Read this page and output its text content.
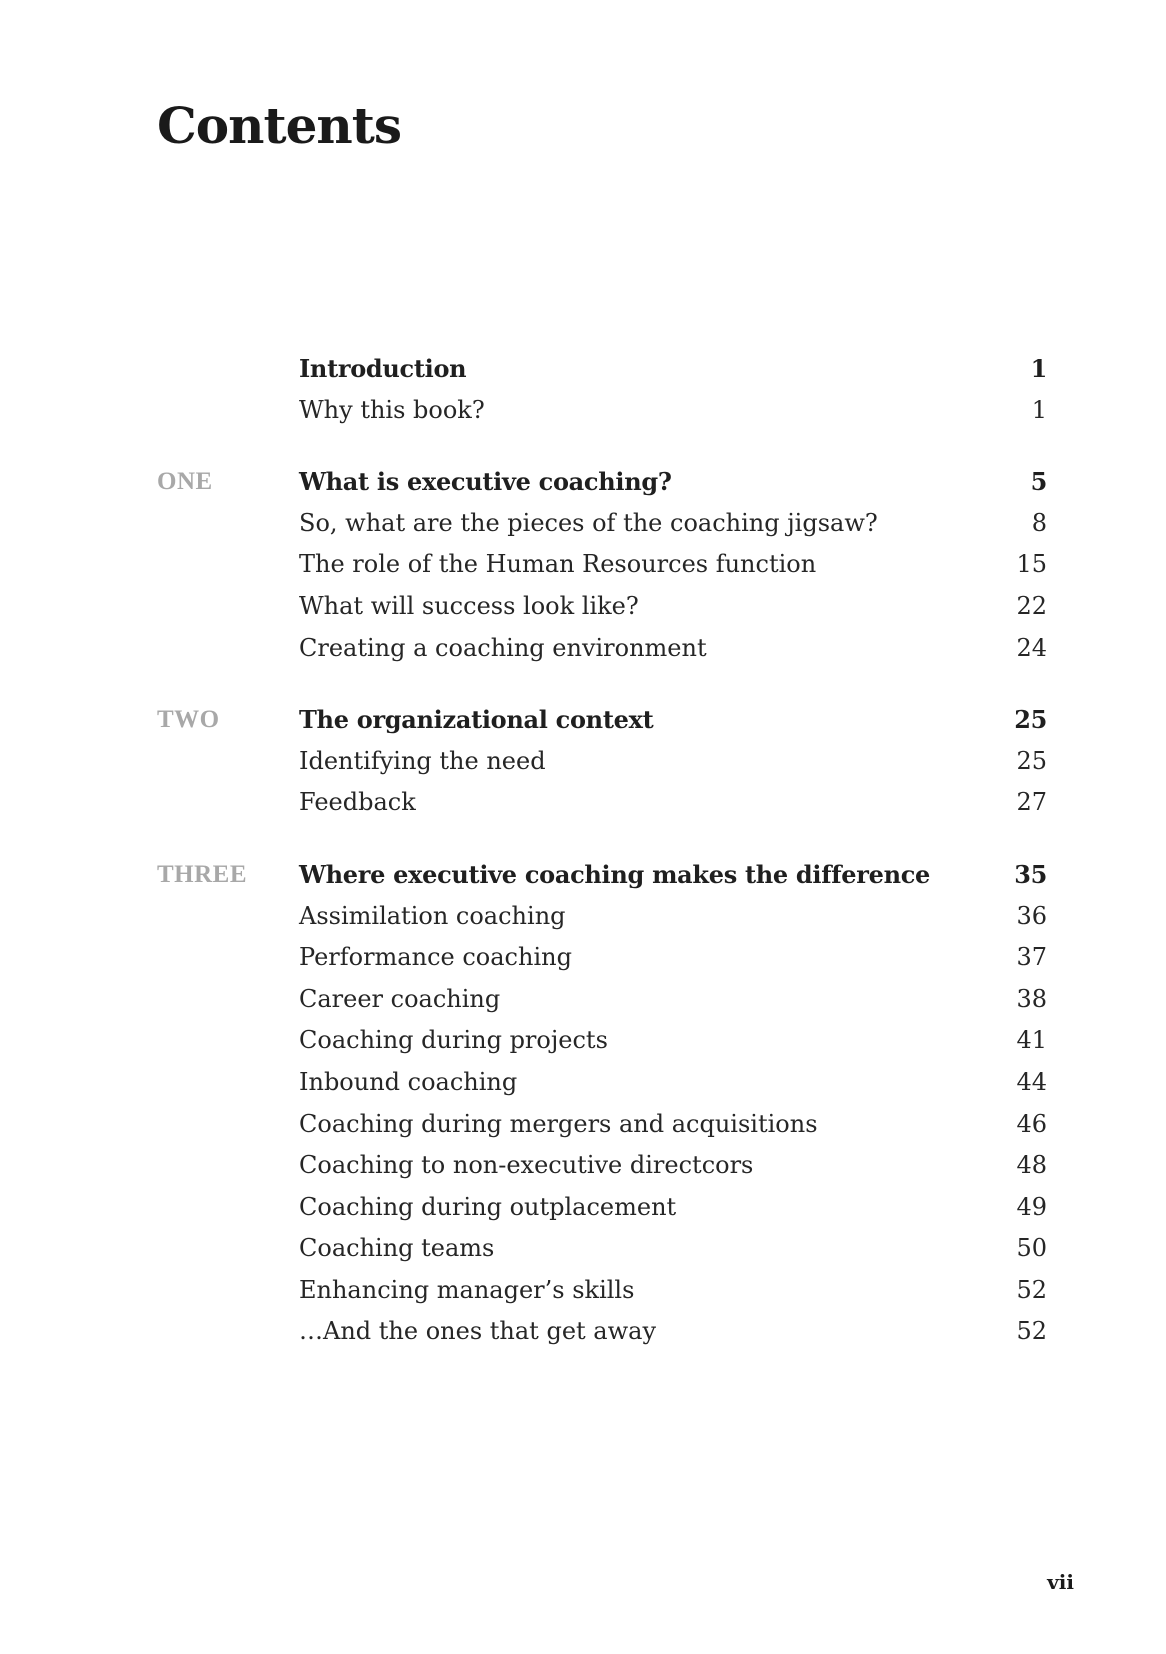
Contents
Introduction	1
Why this book?	1
ONE	What is executive coaching?	5
So, what are the pieces of the coaching jigsaw?	8
The role of the Human Resources function	15
What will success look like?	22
Creating a coaching environment	24
TWO	The organizational context	25
Identifying the need	25
Feedback	27
THREE Where executive coaching makes the difference	35
Assimilation coaching	36
Performance coaching	37
Career coaching	38
Coaching during projects	41
Inbound coaching	44
Coaching during mergers and acquisitions	46
Coaching to non-executive directcors	48
Coaching during outplacement	49
Coaching teams	50
Enhancing manager’s skills	52
…And the ones that get away	52
vii
